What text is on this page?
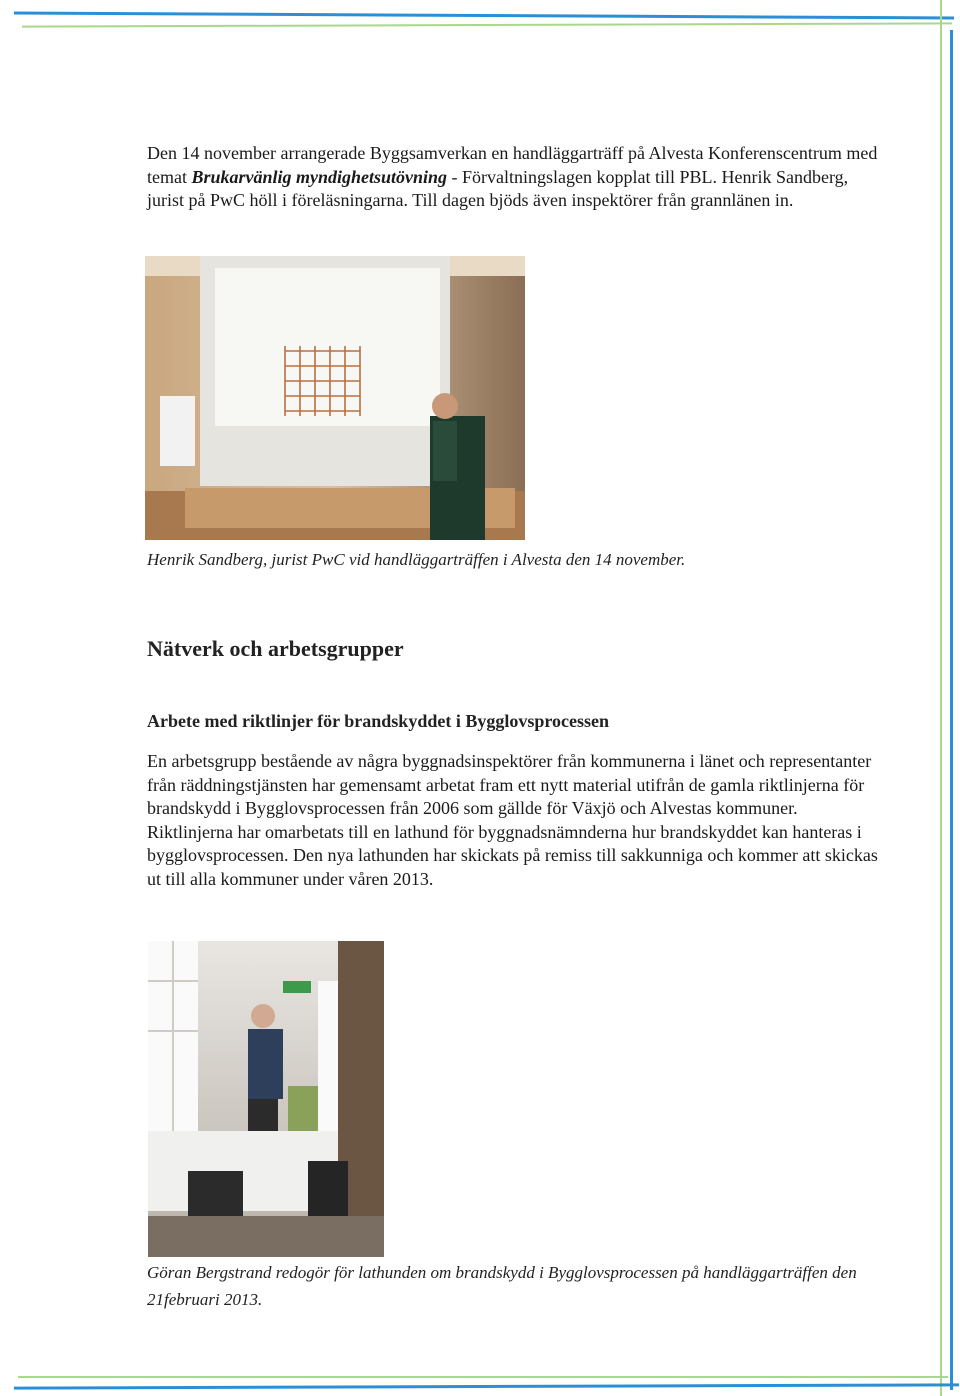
Den 14 november arrangerade Byggsamverkan en handläggarträff på Alvesta Konferenscentrum med temat Brukarvänlig myndighetsutövning - Förvaltningslagen kopplat till PBL. Henrik Sandberg, jurist på PwC höll i föreläsningarna. Till dagen bjöds även inspektörer från grannlänen in.

Henrik Sandberg, jurist PwC vid handläggarträffen i Alvesta den 14 november.
Nätverk och arbetsgrupper
Arbete med riktlinjer för brandskyddet i Bygglovsprocessen

En arbetsgrupp bestående av några byggnadsinspektörer från kommunerna i länet och representanter från räddningstjänsten har gemensamt arbetat fram ett nytt material utifrån de gamla riktlinjerna för brandskydd i Bygglovsprocessen från 2006 som gällde för Växjö och Alvestas kommuner. Riktlinjerna har omarbetats till en lathund för byggnadsnämnderna hur brandskyddet kan hanteras i bygglovsprocessen. Den nya lathunden har skickats på remiss till sakkunniga och kommer att skickas ut till alla kommuner under våren 2013.

Göran Bergstrand redogör för lathunden om brandskydd i Bygglovsprocessen på handläggarträffen den 21februari 2013.
